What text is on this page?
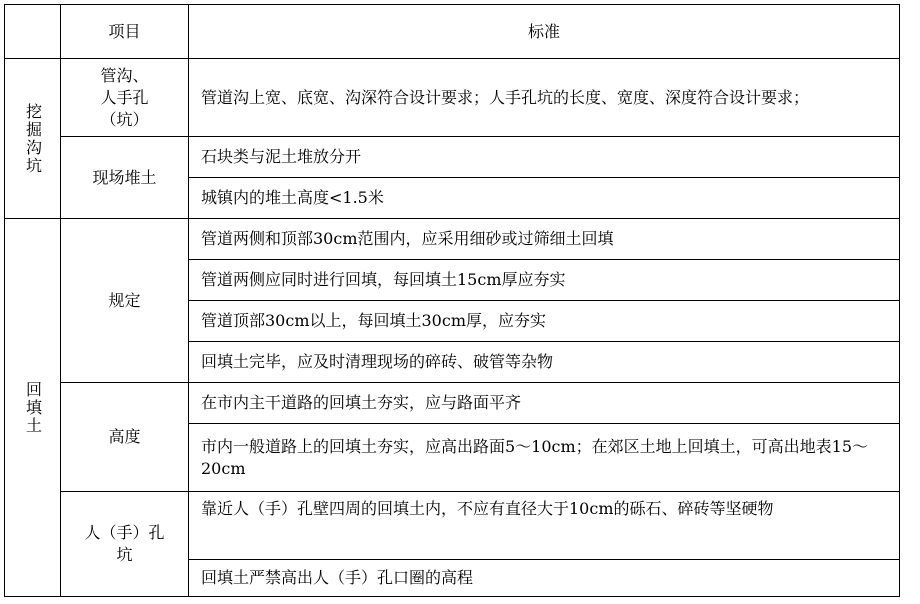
项目	标准
挖掘沟坑
管沟、
人手孔
（坑）
管道沟上宽、底宽、沟深符合设计要求；人手孔坑的长度、宽度、深度符合设计要求；
现场堆土
石块类与泥土堆放分开
城镇内的堆土高度<1.5米
回填土
规定
管道两侧和顶部30cm范围内，应采用细砂或过筛细土回填
管道两侧应同时进行回填，每回填土15cm厚应夯实
管道顶部30cm以上，每回填土30cm厚，应夯实
回填土完毕，应及时清理现场的碎砖、破管等杂物
高度
在市内主干道路的回填土夯实，应与路面平齐
市内一般道路上的回填土夯实，应高出路面5～10cm；在郊区土地上回填土，可高出地表15～20cm
人（手）孔
坑
靠近人（手）孔壁四周的回填土内，不应有直径大于10cm的砾石、碎砖等坚硬物
回填土严禁高出人（手）孔口圈的高程
